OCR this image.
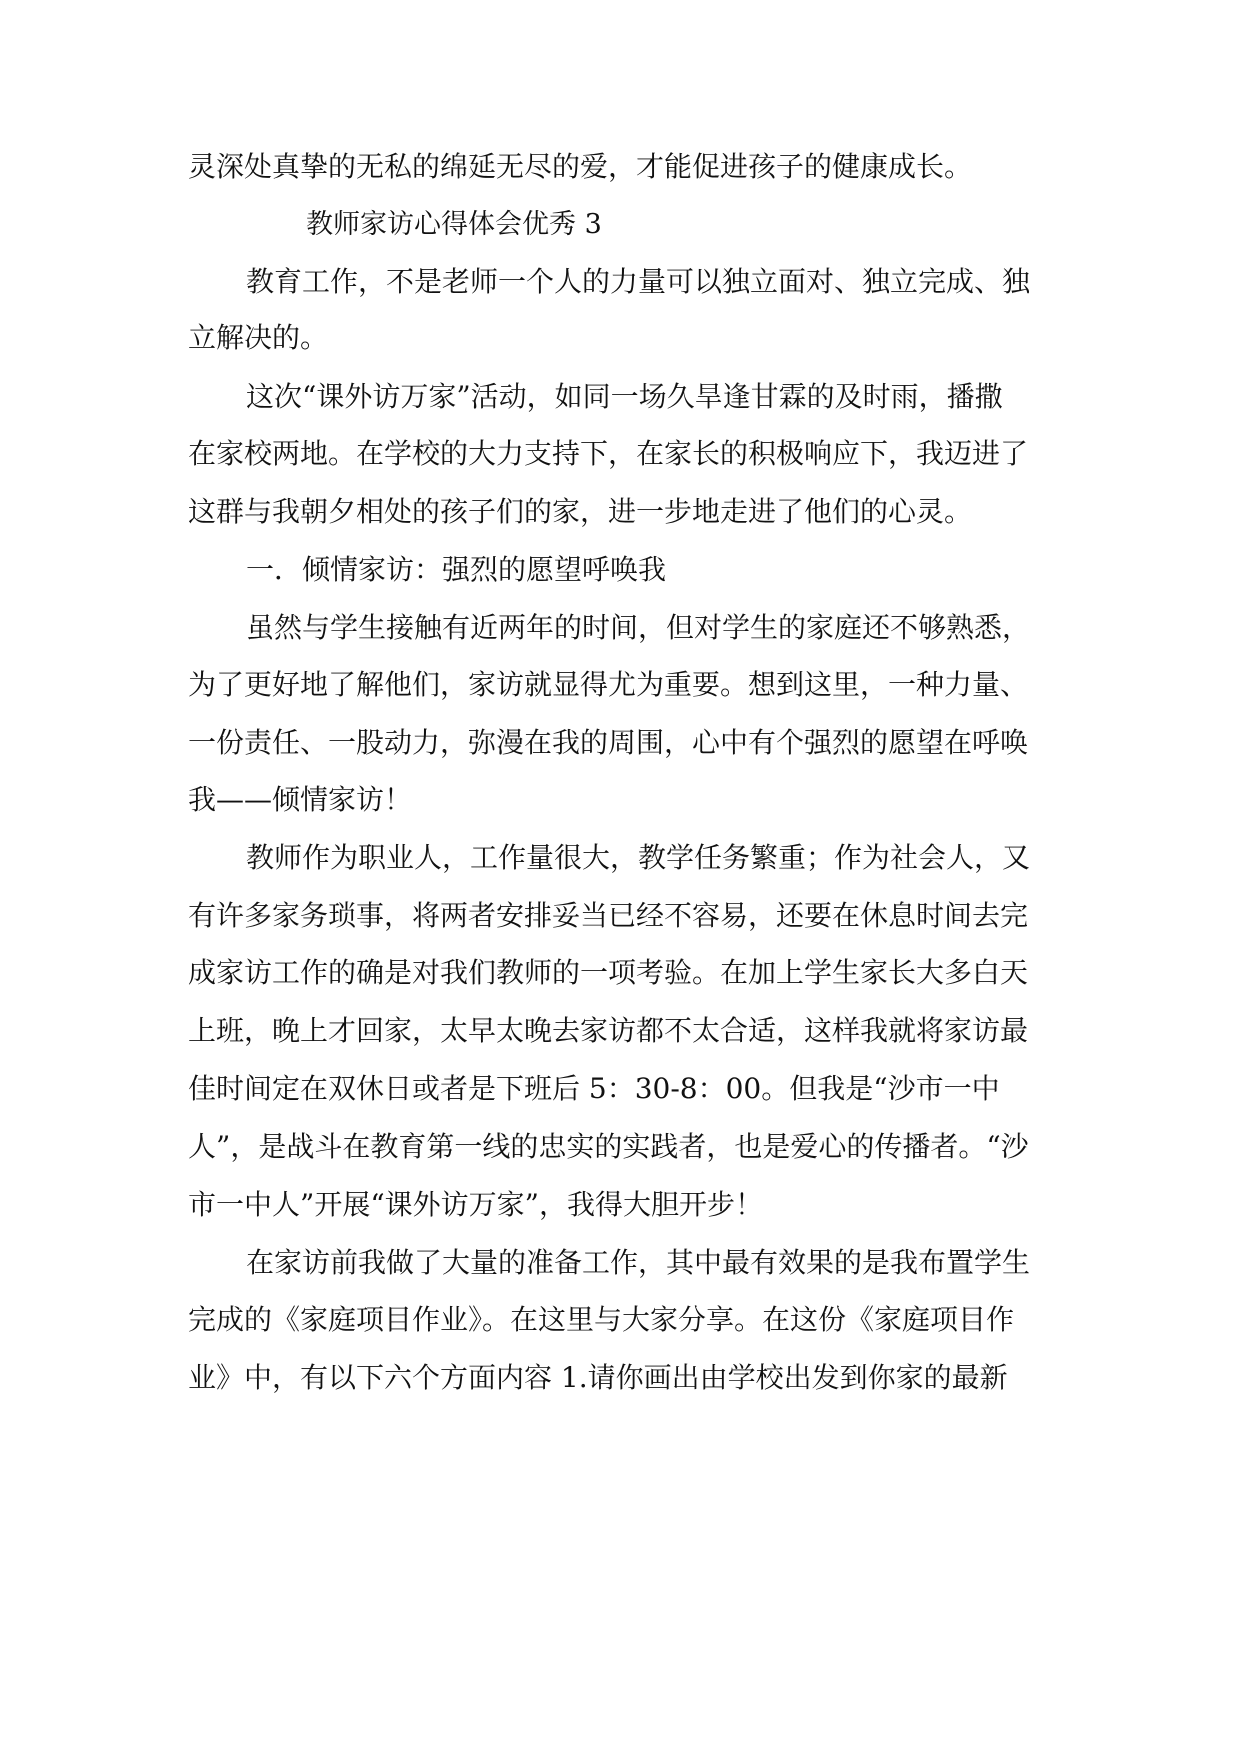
灵深处真挚的无私的绵延无尽的爱，才能促进孩子的健康成长。
教师家访心得体会优秀 3
教育工作，不是老师一个人的力量可以独立面对、独立完成、独
立解决的。
这次“课外访万家”活动，如同一场久旱逢甘霖的及时雨，播撒
在家校两地。在学校的大力支持下，在家长的积极响应下，我迈进了
这群与我朝夕相处的孩子们的家，进一步地走进了他们的心灵。
一．倾情家访：强烈的愿望呼唤我
虽然与学生接触有近两年的时间，但对学生的家庭还不够熟悉，
为了更好地了解他们，家访就显得尤为重要。想到这里，一种力量、
一份责任、一股动力，弥漫在我的周围，心中有个强烈的愿望在呼唤
我——倾情家访！
教师作为职业人，工作量很大，教学任务繁重；作为社会人，又
有许多家务琐事，将两者安排妥当已经不容易，还要在休息时间去完
成家访工作的确是对我们教师的一项考验。在加上学生家长大多白天
上班，晚上才回家，太早太晚去家访都不太合适，这样我就将家访最
佳时间定在双休日或者是下班后 5：30-8：00。但我是“沙市一中
人”，是战斗在教育第一线的忠实的实践者，也是爱心的传播者。“沙
市一中人”开展“课外访万家”，我得大胆开步！
在家访前我做了大量的准备工作，其中最有效果的是我布置学生
完成的《家庭项目作业》。在这里与大家分享。在这份《家庭项目作
业》中，有以下六个方面内容 1.请你画出由学校出发到你家的最新
